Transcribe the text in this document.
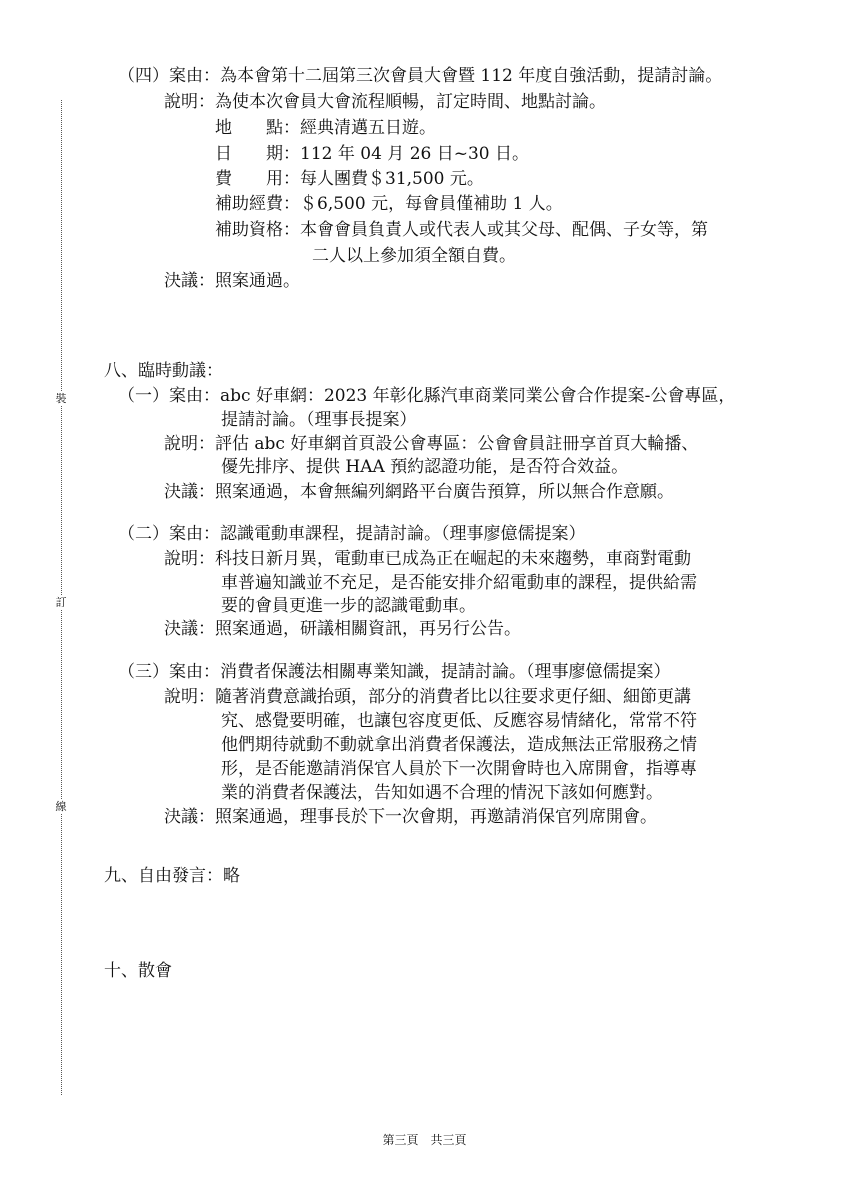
裝
訂
線
（四）案由：為本會第十二屆第三次會員大會暨 112 年度自強活動，提請討論。
說明：為使本次會員大會流程順暢，訂定時間、地點討論。
地　　點：經典清邁五日遊。
日　　期：112 年 04 月 26 日~30 日。
費　　用：每人團費＄31,500 元。
補助經費：＄6,500 元，每會員僅補助 1 人。
補助資格：本會會員負責人或代表人或其父母、配偶、子女等，第
二人以上參加須全額自費。
決議：照案通過。
八、臨時動議：
（一）案由：abc 好車網：2023 年彰化縣汽車商業同業公會合作提案-公會專區，
提請討論。（理事長提案）
說明：評估 abc 好車網首頁設公會專區：公會會員註冊享首頁大輪播、
優先排序、提供 HAA 預約認證功能，是否符合效益。
決議：照案通過，本會無編列網路平台廣告預算，所以無合作意願。
（二）案由：認識電動車課程，提請討論。（理事廖億儒提案）
說明：科技日新月異，電動車已成為正在崛起的未來趨勢，車商對電動
車普遍知識並不充足，是否能安排介紹電動車的課程，提供給需
要的會員更進一步的認識電動車。
決議：照案通過，研議相關資訊，再另行公告。
（三）案由：消費者保護法相關專業知識，提請討論。（理事廖億儒提案）
說明：隨著消費意識抬頭，部分的消費者比以往要求更仔細、細節更講
究、感覺要明確，也讓包容度更低、反應容易情緒化，常常不符
他們期待就動不動就拿出消費者保護法，造成無法正常服務之情
形，是否能邀請消保官人員於下一次開會時也入席開會，指導專
業的消費者保護法，告知如遇不合理的情況下該如何應對。
決議：照案通過，理事長於下一次會期，再邀請消保官列席開會。
九、自由發言：略
十、散會
第三頁　共三頁
